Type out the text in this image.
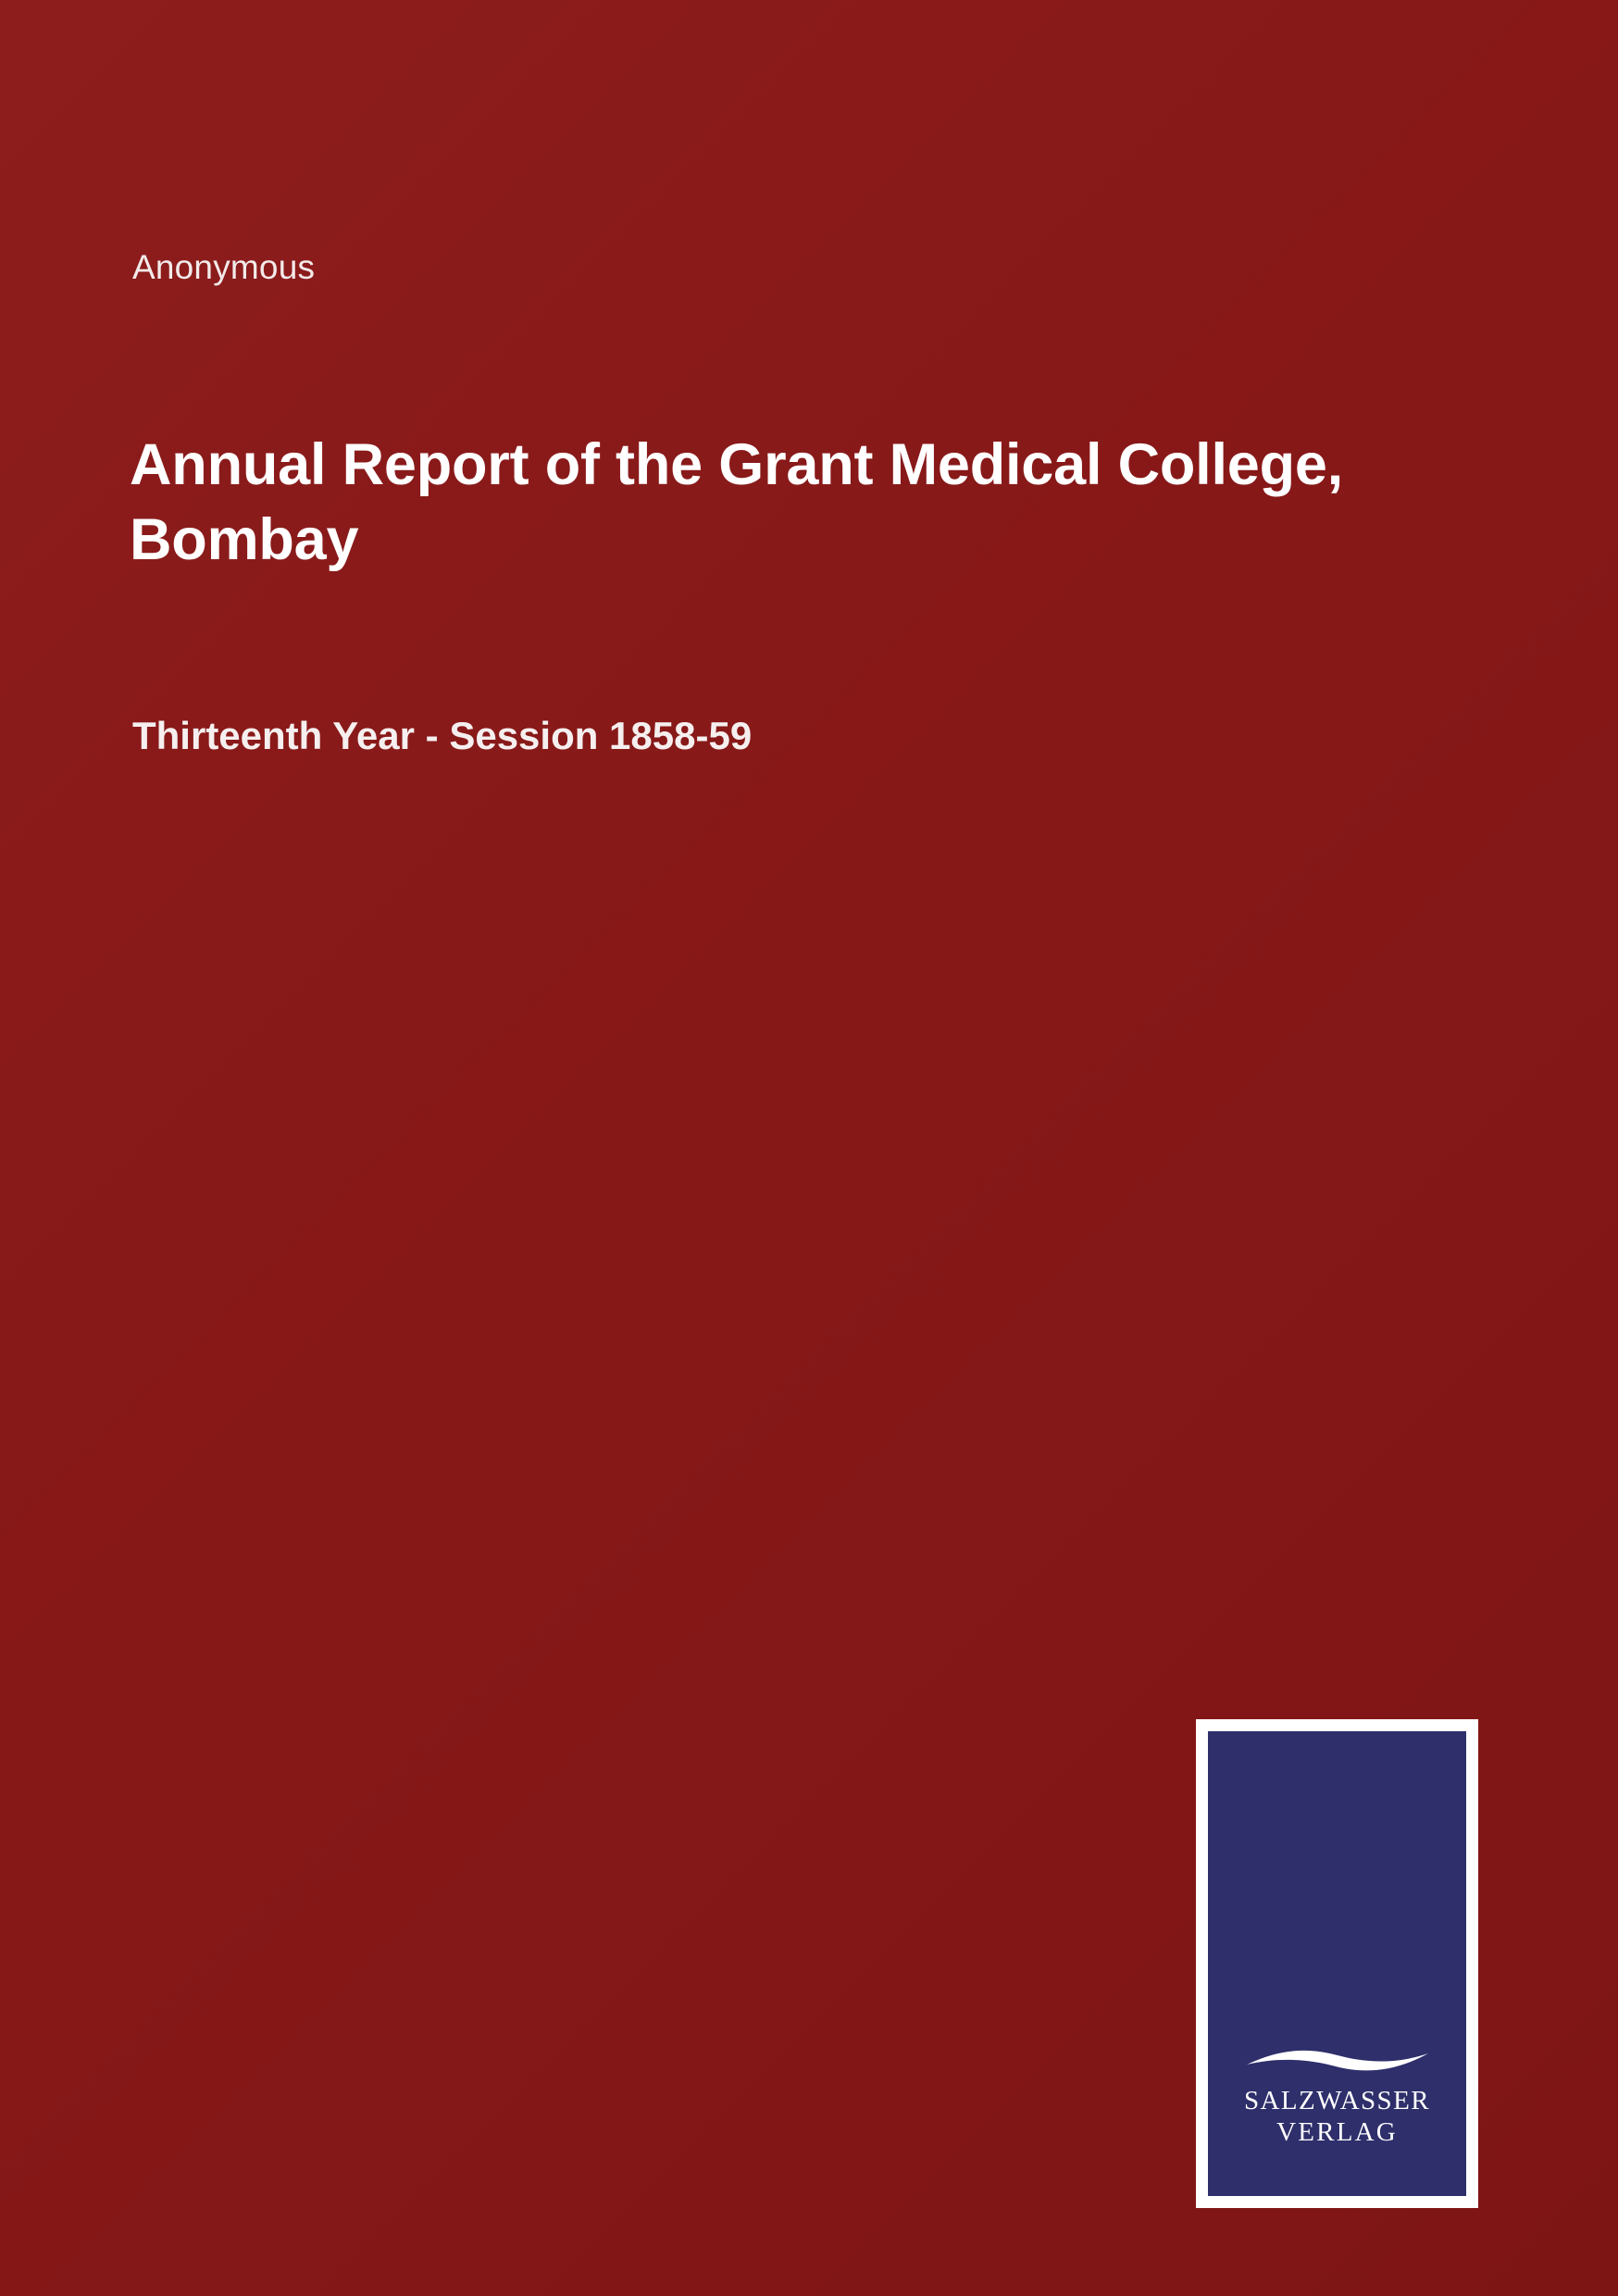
Anonymous
Annual Report of the Grant Medical College, Bombay
Thirteenth Year - Session 1858-59
SALZWASSER
VERLAG
